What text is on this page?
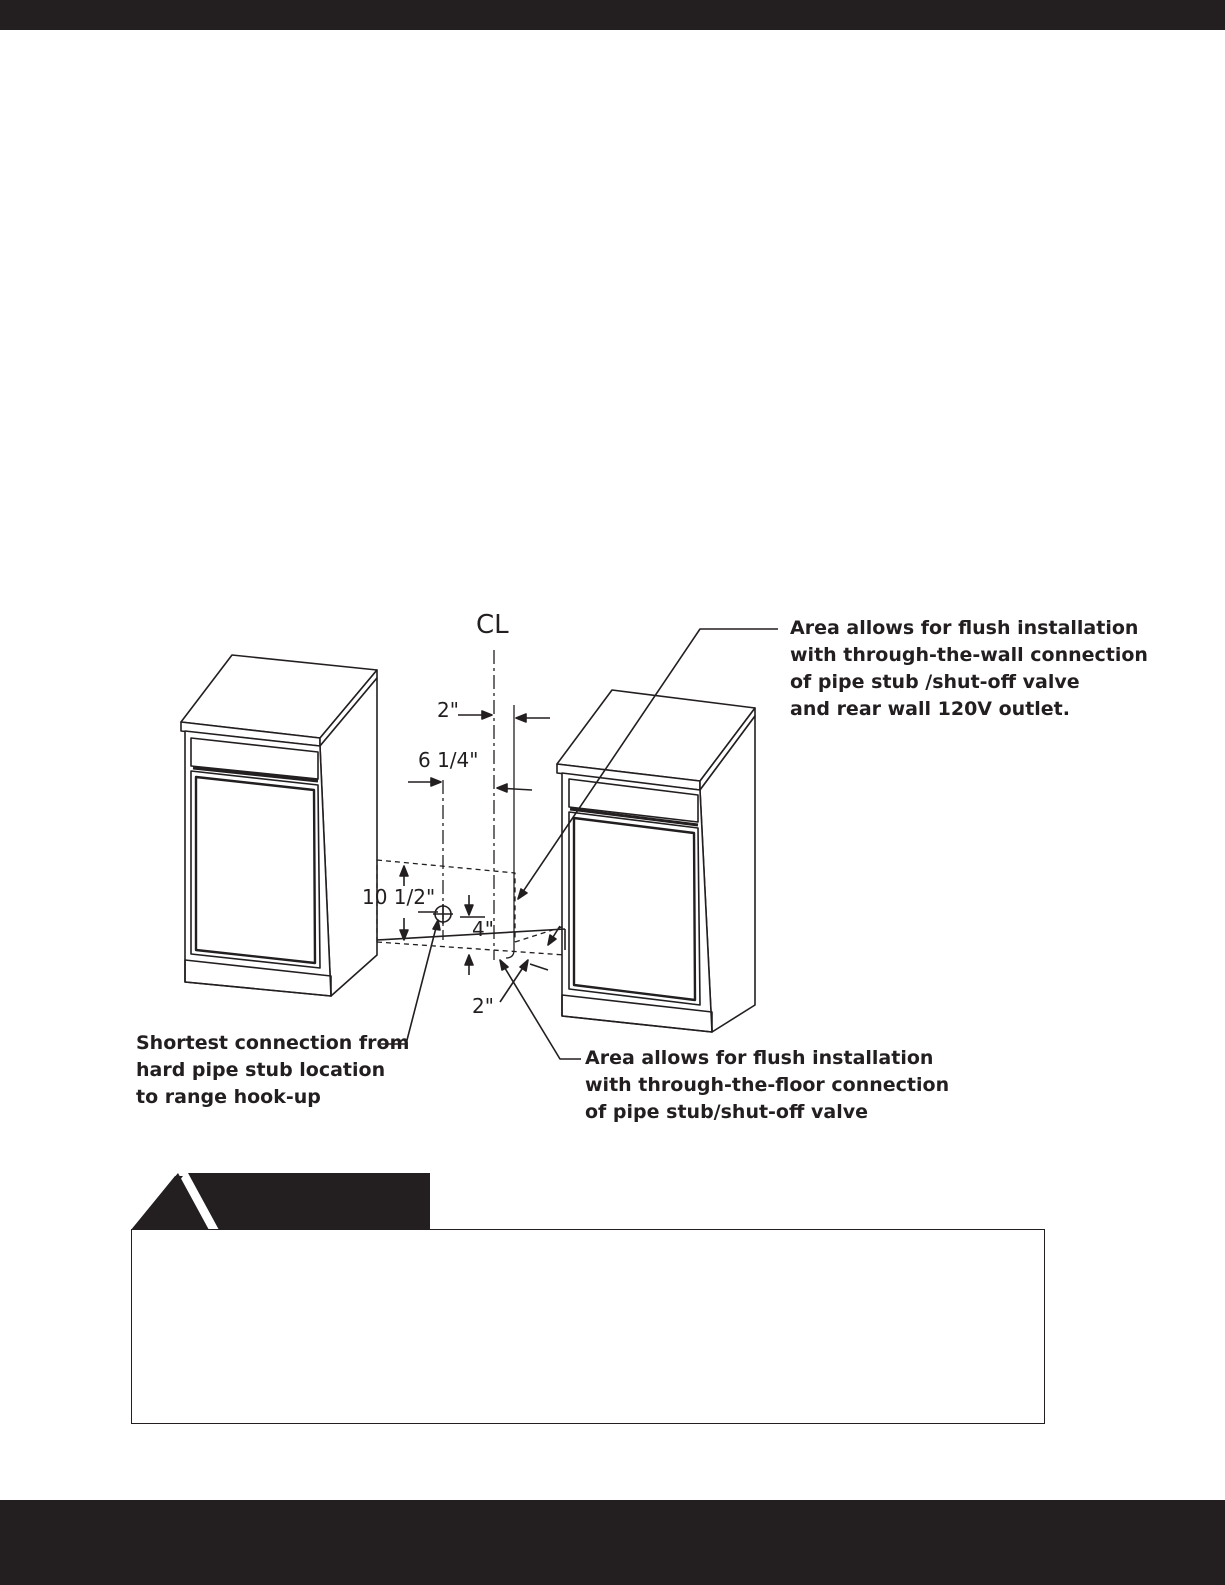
CL
2"
6 1/4"
10 1/2"
4"
2"
Area allows for flush installation
with through-the-wall connection
of pipe stub /shut-off valve
and rear wall 120V outlet.
Area allows for flush installation
with through-the-floor connection
of pipe stub/shut-off valve
Shortest connection from
hard pipe stub location
to range hook-up
